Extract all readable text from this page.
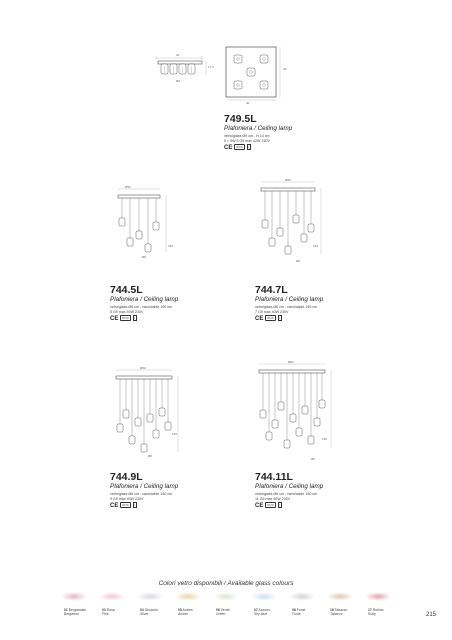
40
17,5
Ø9
40
40
749.5L
Plafoniera / Ceiling lamp
vetro/glass Ø9 cm - H 14 cm
5 × 9W 5 G9 max 42W 230V
CE IP20 I
Ø52
150
Ø6
Ø58
150
Ø6
744.5L
Plafoniera / Ceiling lamp
vetro/glass Ø6 cm - cavo/cable 150 cm
5 G9 max 40W 230V
CE IP20 I
744.7L
Plafoniera / Ceiling lamp
vetro/glass Ø6 cm - cavo/cable 150 cm
7 G9 max 40W 230V
CE IP20 I
Ø60
150
Ø6
Ø62
150
Ø6
744.9L
Plafoniera / Ceiling lamp
vetro/glass Ø6 cm - cavo/cable 150 cm
9 G9 max 40W 230V
CE IP20 I
744.11L
Plafoniera / Ceiling lamp
vetro/glass Ø6 cm - cavo/cable 150 cm
11 G9 max 40W 230V
CE IP20 I
Colori vetro disponibili / Available glass colours
01 Bergamotto
Bergamot
03 Rosa
Pink
04 Ghiaccio
Silver
05 Ambra
Amber
06 Verde
Green
07 Azzurro
Sky-blue
08 Fumè
Fumè
16 Tabacco
Tabacco
17 Rubino
Ruby	215
